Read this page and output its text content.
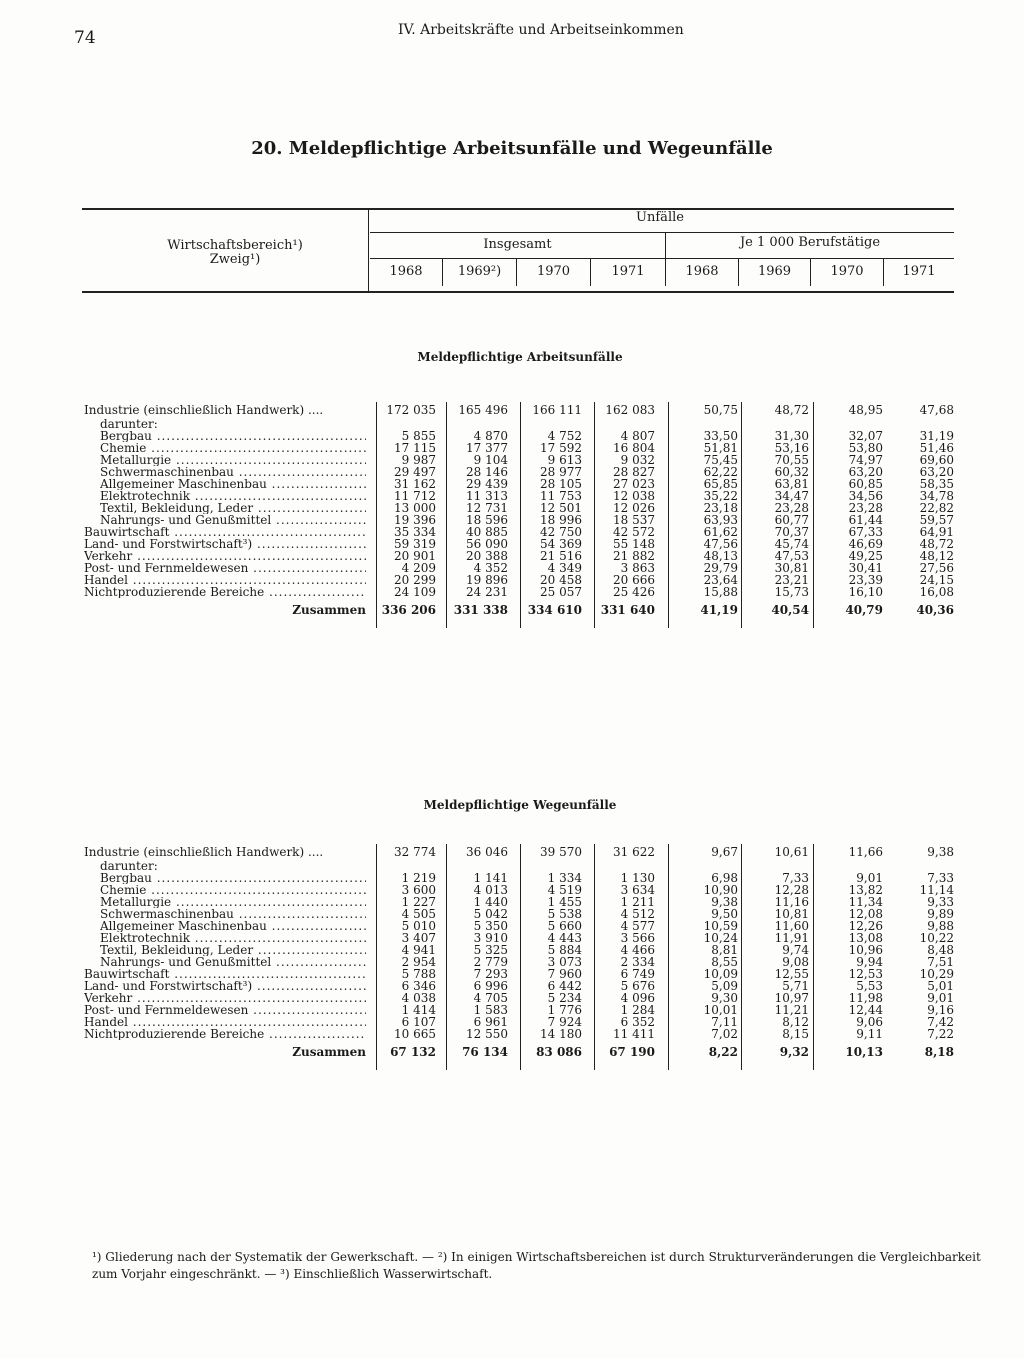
74	IV. Arbeitskräfte und Arbeitseinkommen
20. Meldepflichtige Arbeitsunfälle und Wegeunfälle
Wirtschaftsbereich¹)
Zweig¹)
Unfälle
Insgesamt	Je 1 000 Berufstätige
1968	1969²)	1970	1971	1968	1969	1970	1971
Meldepflichtige Arbeitsunfälle
Industrie (einschließlich Handwerk) ....	172 035	165 496	166 111	162 083	50,75	48,72	48,95	47,68
darunter:
Bergbau .....	5 855	4 870	4 752	4 807	33,50	31,30	32,07	31,19
Chemie .....	17 115	17 377	17 592	16 804	51,81	53,16	53,80	51,46
Metallurgie .....	9 987	9 104	9 613	9 032	75,45	70,55	74,97	69,60
Schwermaschinenbau .....	29 497	28 146	28 977	28 827	62,22	60,32	63,20	63,20
Allgemeiner Maschinenbau .....	31 162	29 439	28 105	27 023	65,85	63,81	60,85	58,35
Elektrotechnik .....	11 712	11 313	11 753	12 038	35,22	34,47	34,56	34,78
Textil, Bekleidung, Leder .....	13 000	12 731	12 501	12 026	23,18	23,28	23,28	22,82
Nahrungs- und Genußmittel .....	19 396	18 596	18 996	18 537	63,93	60,77	61,44	59,57
Bauwirtschaft .....	35 334	40 885	42 750	42 572	61,62	70,37	67,33	64,91
Land- und Forstwirtschaft³) .....	59 319	56 090	54 369	55 148	47,56	45,74	46,69	48,72
Verkehr .....	20 901	20 388	21 516	21 882	48,13	47,53	49,25	48,12
Post- und Fernmeldewesen .....	4 209	4 352	4 349	3 863	29,79	30,81	30,41	27,56
Handel .....	20 299	19 896	20 458	20 666	23,64	23,21	23,39	24,15
Nichtproduzierende Bereiche .....	24 109	24 231	25 057	25 426	15,88	15,73	16,10	16,08
Zusammen	336 206	331 338	334 610	331 640	41,19	40,54	40,79	40,36
Meldepflichtige Wegeunfälle
Industrie (einschließlich Handwerk) ....	32 774	36 046	39 570	31 622	9,67	10,61	11,66	9,38
darunter:
Bergbau .....	1 219	1 141	1 334	1 130	6,98	7,33	9,01	7,33
Chemie .....	3 600	4 013	4 519	3 634	10,90	12,28	13,82	11,14
Metallurgie .....	1 227	1 440	1 455	1 211	9,38	11,16	11,34	9,33
Schwermaschinenbau .....	4 505	5 042	5 538	4 512	9,50	10,81	12,08	9,89
Allgemeiner Maschinenbau .....	5 010	5 350	5 660	4 577	10,59	11,60	12,26	9,88
Elektrotechnik .....	3 407	3 910	4 443	3 566	10,24	11,91	13,08	10,22
Textil, Bekleidung, Leder .....	4 941	5 325	5 884	4 466	8,81	9,74	10,96	8,48
Nahrungs- und Genußmittel .....	2 954	2 779	3 073	2 334	8,55	9,08	9,94	7,51
Bauwirtschaft .....	5 788	7 293	7 960	6 749	10,09	12,55	12,53	10,29
Land- und Forstwirtschaft³) .....	6 346	6 996	6 442	5 676	5,09	5,71	5,53	5,01
Verkehr .....	4 038	4 705	5 234	4 096	9,30	10,97	11,98	9,01
Post- und Fernmeldewesen .....	1 414	1 583	1 776	1 284	10,01	11,21	12,44	9,16
Handel .....	6 107	6 961	7 924	6 352	7,11	8,12	9,06	7,42
Nichtproduzierende Bereiche .....	10 665	12 550	14 180	11 411	7,02	8,15	9,11	7,22
Zusammen	67 132	76 134	83 086	67 190	8,22	9,32	10,13	8,18
¹) Gliederung nach der Systematik der Gewerkschaft. — ²) In einigen Wirtschaftsbereichen ist durch Strukturveränderungen die Vergleichbarkeit zum Vorjahr eingeschränkt. — ³) Einschließlich Wasserwirtschaft.
